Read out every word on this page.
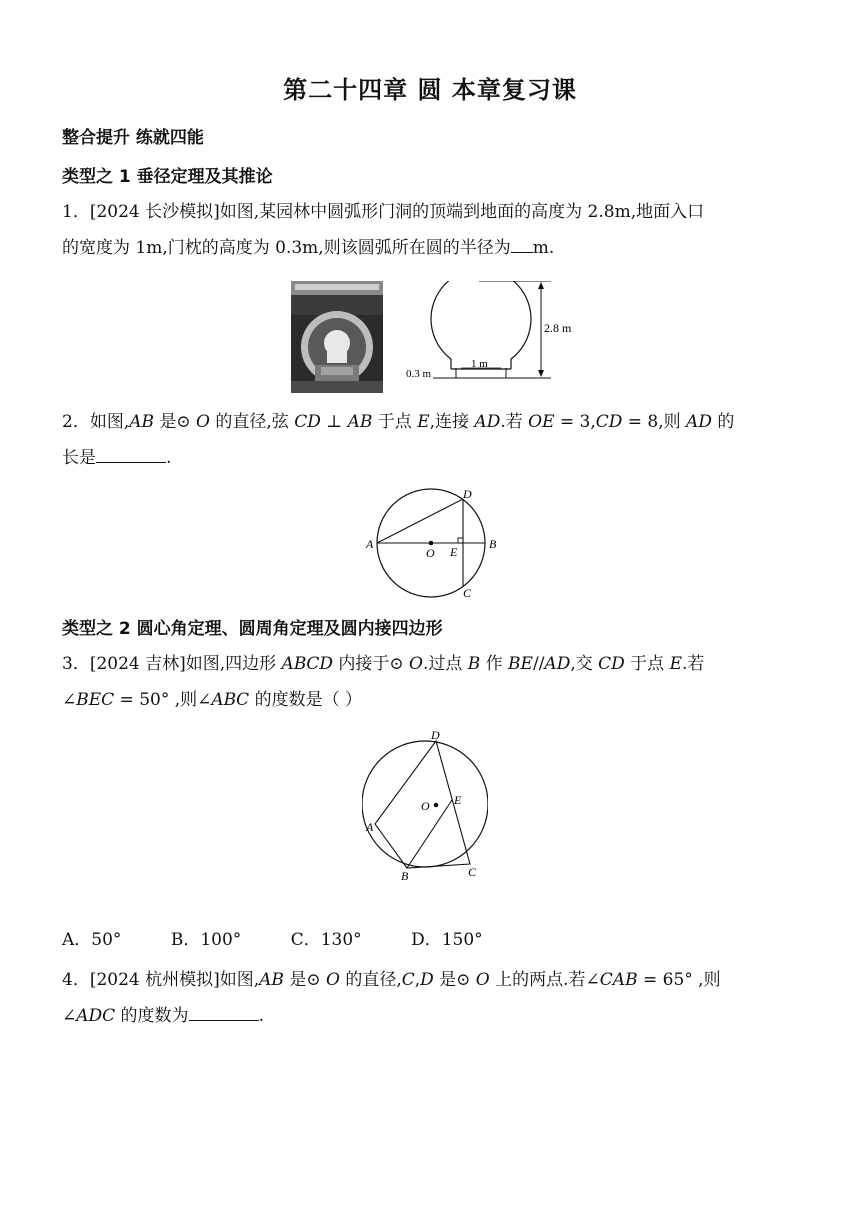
第二十四章 圆 本章复习课
整合提升 练就四能
类型之 1 垂径定理及其推论
1．[2024 长沙模拟]如图,某园林中圆弧形门洞的顶端到地面的高度为 2.8m,地面入口
的宽度为 1m,门枕的高度为 0.3m,则该圆弧所在圆的半径为 m.
2.8 m
1 m
0.3 m
2．如图,𝐴𝐵 是⊙ 𝑂 的直径,弦 𝐶𝐷 ⊥ 𝐴𝐵 于点 𝐸,连接 𝐴𝐷.若 𝑂𝐸 = 3,𝐶𝐷 = 8,则 𝐴𝐷 的
长是	.
A	B
D
C
E
O
类型之 2 圆心角定理、圆周角定理及圆内接四边形
3．[2024 吉林]如图,四边形 𝐴𝐵𝐶𝐷 内接于⊙ 𝑂.过点 𝐵 作 𝐵𝐸//𝐴𝐷,交 𝐶𝐷 于点 𝐸.若
∠𝐵𝐸𝐶 = 50° ,则∠𝐴𝐵𝐶 的度数是（ ）
D
A
B	C
E
O
A．50°	B．100°	C．130°	D．150°
4．[2024 杭州模拟]如图,𝐴𝐵 是⊙ 𝑂 的直径,𝐶,𝐷 是⊙ 𝑂 上的两点.若∠𝐶𝐴𝐵 = 65° ,则
∠𝐴𝐷𝐶 的度数为	.
